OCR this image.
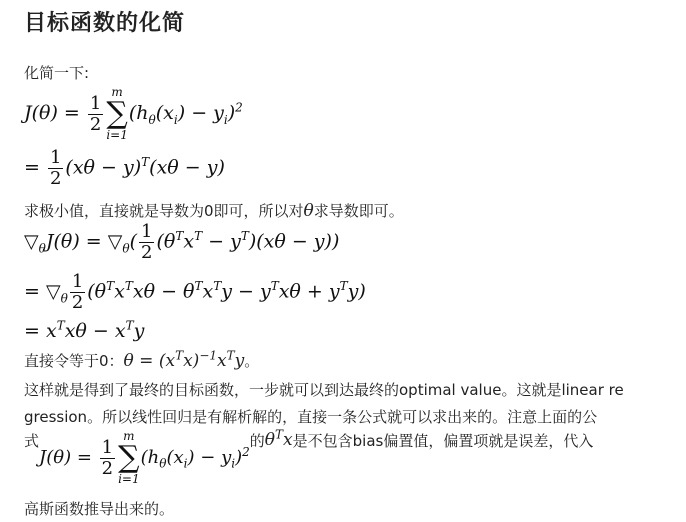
目标函数的化简
化简一下:
$J(\theta) = \frac{1}{2}$
m
∑
i=1
$(h_\theta(x_i) - y_i)^2$
= $\frac{1}{2} (x\theta - y)^T(x\theta - y)$
求极小值，直接就是导数为0即可，所以对θ求导数即可。
$▽_\theta J(\theta)$ = $▽_\theta( \frac{1}{2} (\theta^Tx^T - y^T)(x\theta - y))$
= $▽_\theta \frac{1}{2} (\theta^Tx^Tx\theta - \theta^Tx^Ty - y^Tx\theta + y^Ty)$
= $x^Tx\theta - x^Ty$
直接令等于0：$\theta = (x^Tx)^{-1}x^Ty$。
这样就是得到了最终的目标函数，一步就可以到达最终的optimal value。这就是linear re
gression。所以线性回归是有解析解的，直接一条公式就可以求出来的。注意上面的公
式$J(\theta) = \frac{1}{2}$
m
∑
i=1
$(h_\theta(x_i) - y_i)^2$的$\theta^Tx$是不包含bias偏置值，偏置项就是误差，代入
高斯函数推导出来的。
